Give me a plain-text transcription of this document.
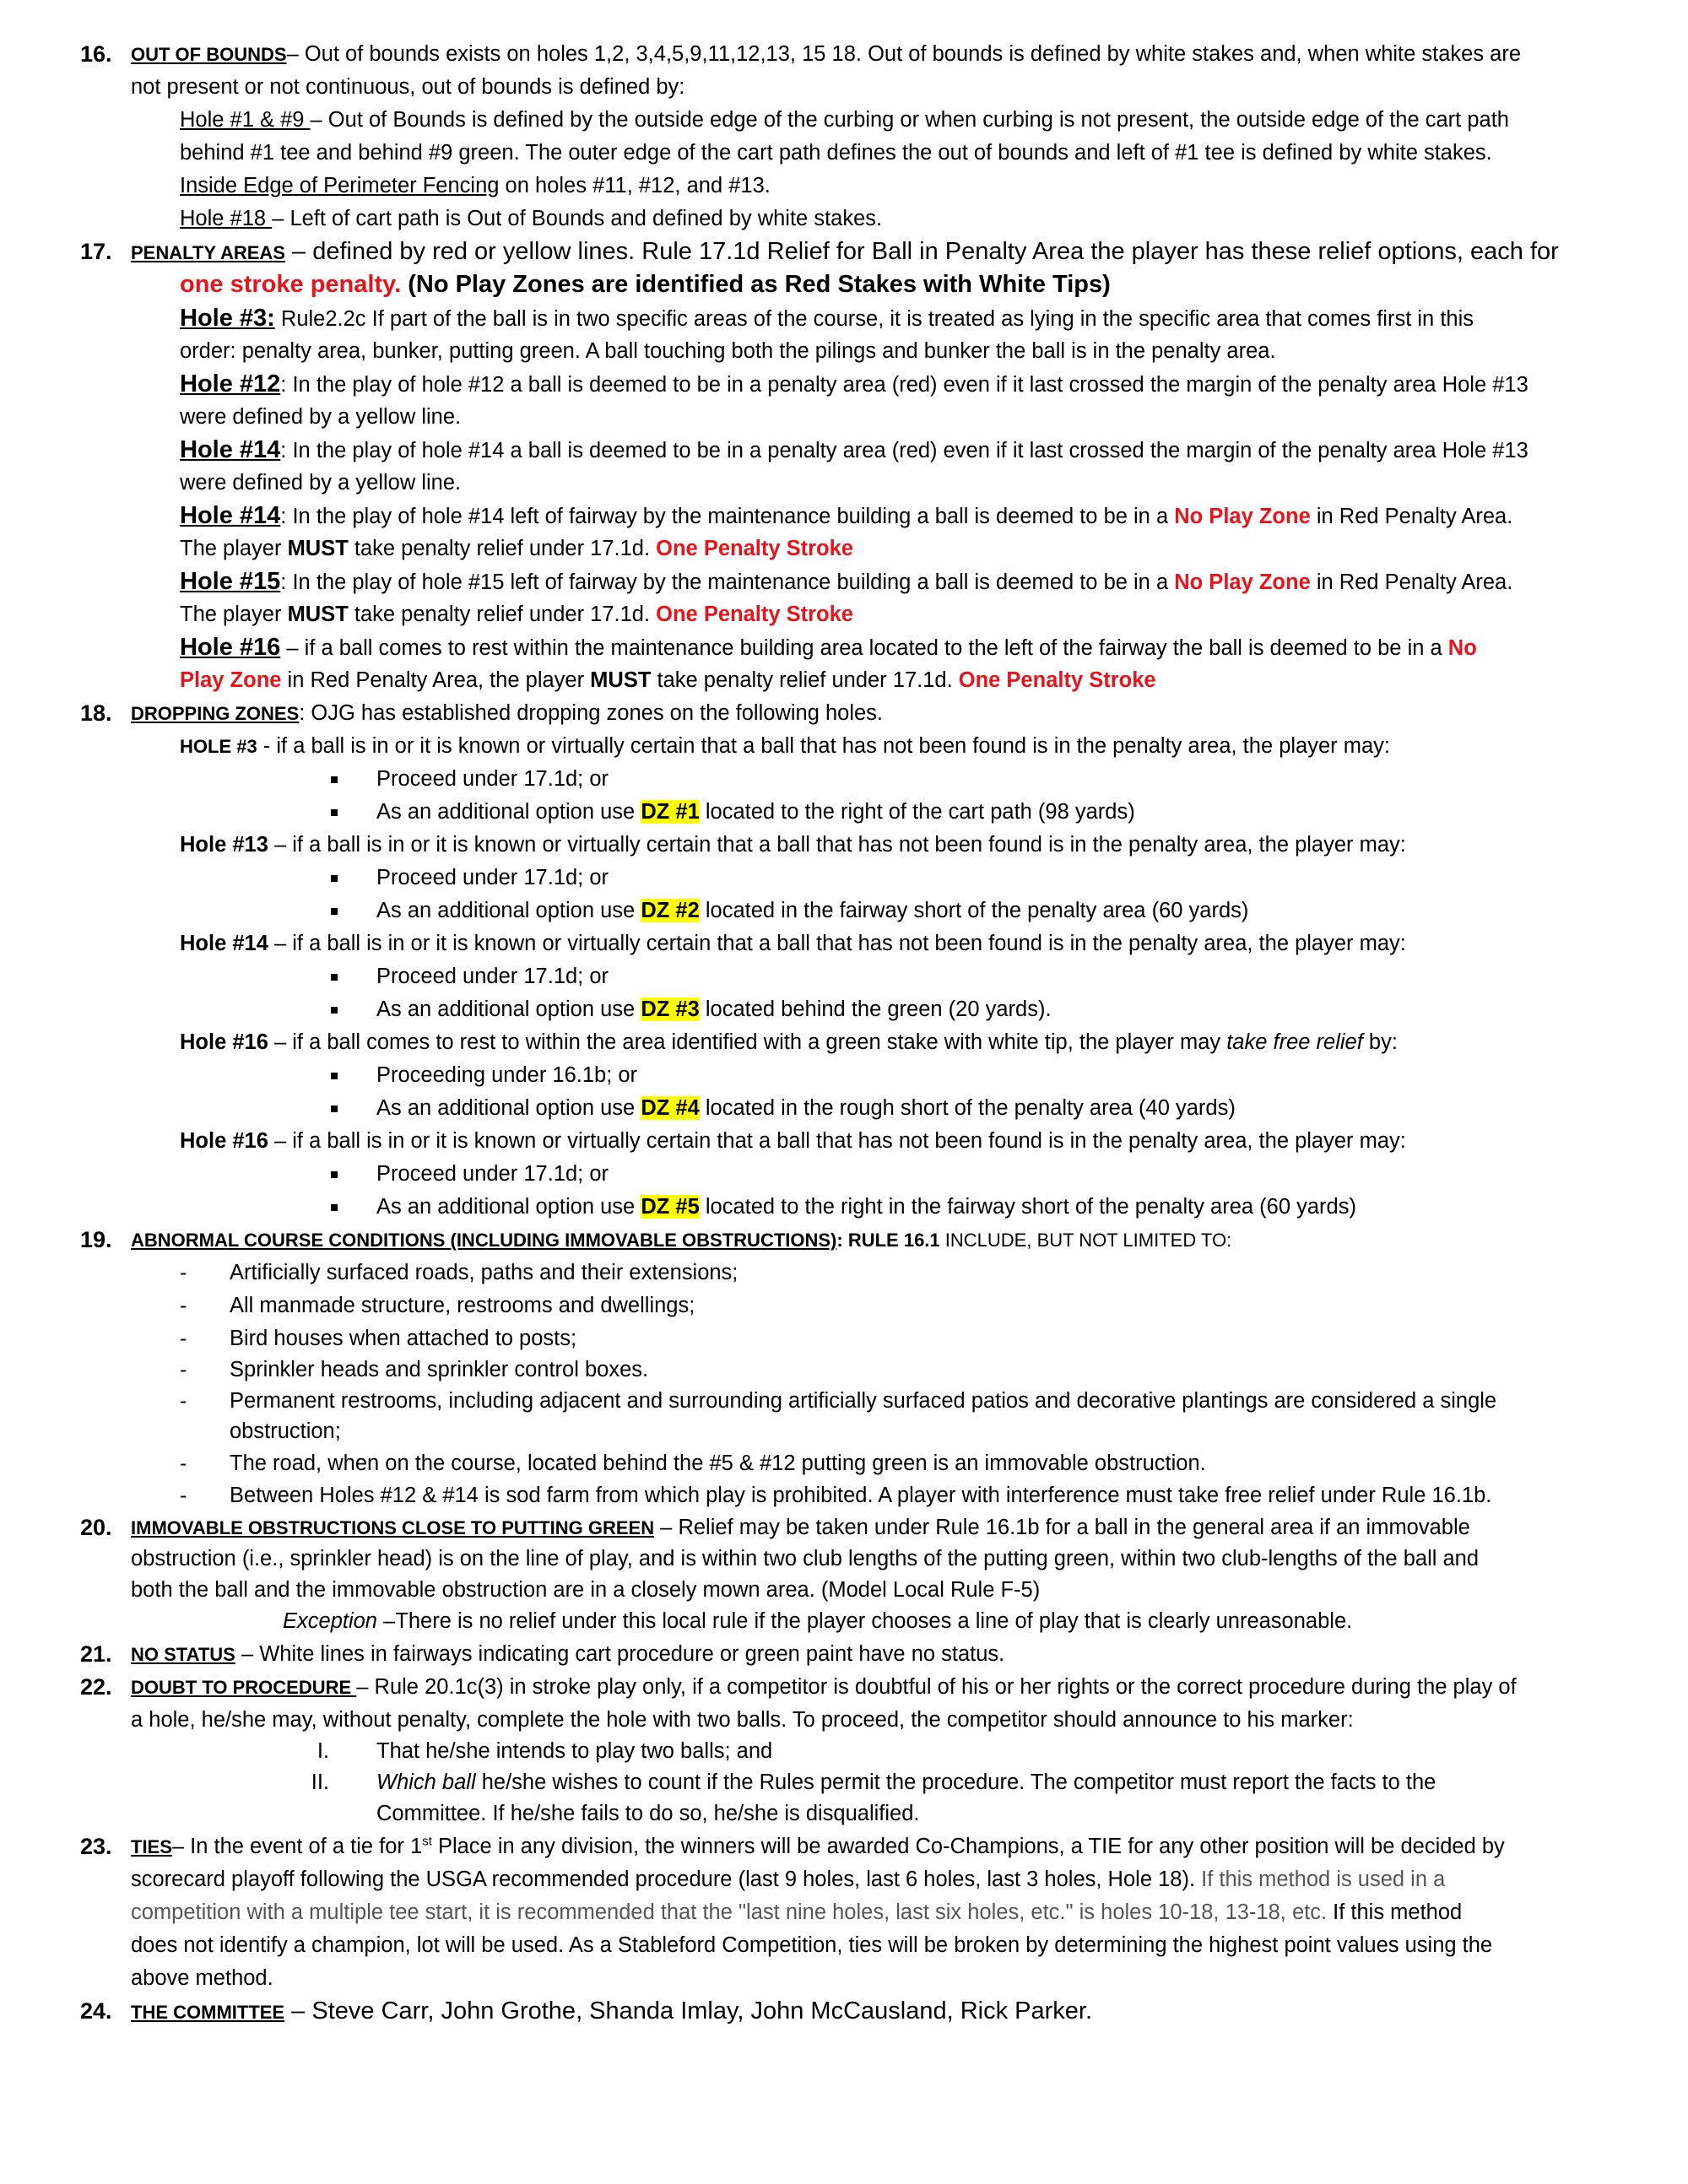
16. OUT OF BOUNDS– Out of bounds exists on holes 1,2, 3,4,5,9,11,12,13, 15 18. Out of bounds is defined by white stakes and, when white stakes are
not present or not continuous, out of bounds is defined by:
Hole #1 & #9 – Out of Bounds is defined by the outside edge of the curbing or when curbing is not present, the outside edge of the cart path
behind #1 tee and behind #9 green. The outer edge of the cart path defines the out of bounds and left of #1 tee is defined by white stakes.
Inside Edge of Perimeter Fencing on holes #11, #12, and #13.
Hole #18 – Left of cart path is Out of Bounds and defined by white stakes.
17. PENALTY AREAS – defined by red or yellow lines. Rule 17.1d Relief for Ball in Penalty Area the player has these relief options, each for
one stroke penalty. (No Play Zones are identified as Red Stakes with White Tips)
Hole #3: Rule2.2c If part of the ball is in two specific areas of the course, it is treated as lying in the specific area that comes first in this
order: penalty area, bunker, putting green. A ball touching both the pilings and bunker the ball is in the penalty area.
Hole #12: In the play of hole #12 a ball is deemed to be in a penalty area (red) even if it last crossed the margin of the penalty area Hole #13
were defined by a yellow line.
Hole #14: In the play of hole #14 a ball is deemed to be in a penalty area (red) even if it last crossed the margin of the penalty area Hole #13
were defined by a yellow line.
Hole #14: In the play of hole #14 left of fairway by the maintenance building a ball is deemed to be in a No Play Zone in Red Penalty Area.
The player MUST take penalty relief under 17.1d. One Penalty Stroke
Hole #15: In the play of hole #15 left of fairway by the maintenance building a ball is deemed to be in a No Play Zone in Red Penalty Area.
The player MUST take penalty relief under 17.1d. One Penalty Stroke
Hole #16 – if a ball comes to rest within the maintenance building area located to the left of the fairway the ball is deemed to be in a No
Play Zone in Red Penalty Area, the player MUST take penalty relief under 17.1d. One Penalty Stroke
18. DROPPING ZONES: OJG has established dropping zones on the following holes.
HOLE #3 - if a ball is in or it is known or virtually certain that a ball that has not been found is in the penalty area, the player may:
Proceed under 17.1d; or
As an additional option use DZ #1 located to the right of the cart path (98 yards)
Hole #13 – if a ball is in or it is known or virtually certain that a ball that has not been found is in the penalty area, the player may:
Proceed under 17.1d; or
As an additional option use DZ #2 located in the fairway short of the penalty area (60 yards)
Hole #14 – if a ball is in or it is known or virtually certain that a ball that has not been found is in the penalty area, the player may:
Proceed under 17.1d; or
As an additional option use DZ #3 located behind the green (20 yards).
Hole #16 – if a ball comes to rest to within the area identified with a green stake with white tip, the player may take free relief by:
Proceeding under 16.1b; or
As an additional option use DZ #4 located in the rough short of the penalty area (40 yards)
Hole #16 – if a ball is in or it is known or virtually certain that a ball that has not been found is in the penalty area, the player may:
Proceed under 17.1d; or
As an additional option use DZ #5 located to the right in the fairway short of the penalty area (60 yards)
19. ABNORMAL COURSE CONDITIONS (INCLUDING IMMOVABLE OBSTRUCTIONS): RULE 16.1 INCLUDE, BUT NOT LIMITED TO:
- Artificially surfaced roads, paths and their extensions;
- All manmade structure, restrooms and dwellings;
- Bird houses when attached to posts;
- Sprinkler heads and sprinkler control boxes.
- Permanent restrooms, including adjacent and surrounding artificially surfaced patios and decorative plantings are considered a single
obstruction;
- The road, when on the course, located behind the #5 & #12 putting green is an immovable obstruction.
- Between Holes #12 & #14 is sod farm from which play is prohibited. A player with interference must take free relief under Rule 16.1b.
20. IMMOVABLE OBSTRUCTIONS CLOSE TO PUTTING GREEN – Relief may be taken under Rule 16.1b for a ball in the general area if an immovable
obstruction (i.e., sprinkler head) is on the line of play, and is within two club lengths of the putting green, within two club-lengths of the ball and
both the ball and the immovable obstruction are in a closely mown area. (Model Local Rule F-5)
Exception –There is no relief under this local rule if the player chooses a line of play that is clearly unreasonable.
21. NO STATUS – White lines in fairways indicating cart procedure or green paint have no status.
22. DOUBT TO PROCEDURE – Rule 20.1c(3) in stroke play only, if a competitor is doubtful of his or her rights or the correct procedure during the play of
a hole, he/she may, without penalty, complete the hole with two balls. To proceed, the competitor should announce to his marker:
I. That he/she intends to play two balls; and
II. Which ball he/she wishes to count if the Rules permit the procedure. The competitor must report the facts to the
Committee. If he/she fails to do so, he/she is disqualified.
23. TIES– In the event of a tie for 1st Place in any division, the winners will be awarded Co-Champions, a TIE for any other position will be decided by
scorecard playoff following the USGA recommended procedure (last 9 holes, last 6 holes, last 3 holes, Hole 18). If this method is used in a
competition with a multiple tee start, it is recommended that the "last nine holes, last six holes, etc." is holes 10-18, 13-18, etc. If this method
does not identify a champion, lot will be used. As a Stableford Competition, ties will be broken by determining the highest point values using the
above method.
24. THE COMMITTEE – Steve Carr, John Grothe, Shanda Imlay, John McCausland, Rick Parker.
